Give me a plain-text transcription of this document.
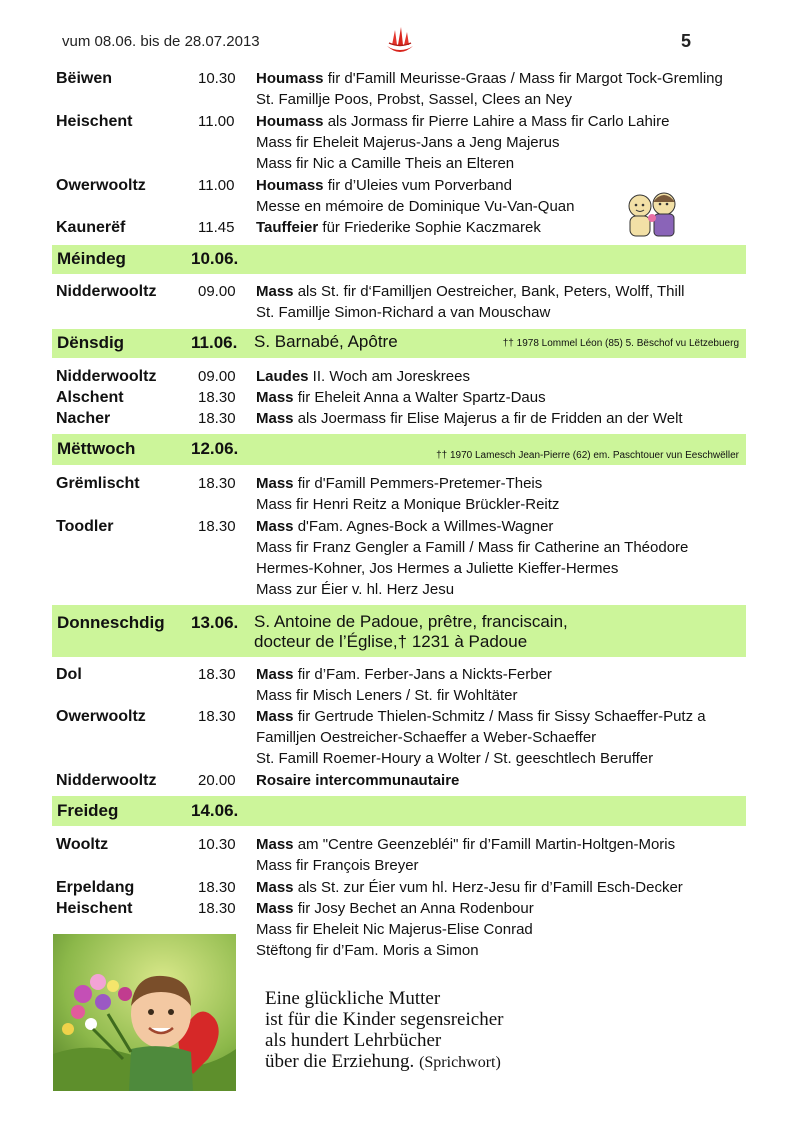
vum 08.06. bis de 28.07.2013	5
Bëiwen	10.30 Houmass fir d'Famill Meurisse-Graas / Mass fir Margot Tock-Gremling
St. Famillje Poos, Probst, Sassel, Clees an Ney
Heischent	11.00 Houmass als Jormass fir Pierre Lahire a Mass fir Carlo Lahire
Mass fir Eheleit Majerus-Jans a Jeng Majerus
Mass fir Nic a Camille Theis an Elteren
Owerwooltz	11.00 Houmass fir d’Uleies vum Porverband
Messe en mémoire de Dominique Vu-Van-Quan
Kaunerëf	11.45 Tauffeier für Friederike Sophie Kaczmarek
Méindeg	10.06.
Nidderwooltz	09.00 Mass als St. fir d‘Familljen Oestreicher, Bank, Peters, Wolff, Thill
St. Famillje Simon-Richard a van Mouschaw
Dënsdig	11.06. S. Barnabé, Apôtre	†† 1978 Lommel Léon (85) 5. Bëschof vu Lëtzebuerg
Nidderwooltz	09.00 Laudes II. Woch am Joreskrees
Alschent	18.30 Mass fir Eheleit Anna a Walter Spartz-Daus
Nacher	18.30 Mass als Joermass fir Elise Majerus a fir de Fridden an der Welt
Mëttwoch	12.06.	†† 1970 Lamesch Jean-Pierre (62) em. Paschtouer vun Eeschwëller
Grëmlischt	18.30 Mass fir d'Famill Pemmers-Pretemer-Theis
Mass fir Henri Reitz a Monique Brückler-Reitz
Toodler	18.30 Mass d'Fam. Agnes-Bock a Willmes-Wagner
Mass fir Franz Gengler a Famill / Mass fir Catherine an Théodore
Hermes-Kohner, Jos Hermes a Juliette Kieffer-Hermes
Mass zur Éier v. hl. Herz Jesu
Donneschdig 13.06. S. Antoine de Padoue, prêtre, franciscain,
docteur de l’Église,† 1231 à Padoue
Dol	18.30 Mass fir d’Fam. Ferber-Jans a Nickts-Ferber
Mass fir Misch Leners / St. fir Wohltäter
Owerwooltz	18.30 Mass fir Gertrude Thielen-Schmitz / Mass fir Sissy Schaeffer-Putz a
Familljen Oestreicher-Schaeffer a Weber-Schaeffer
St. Famill Roemer-Houry a Wolter / St. geeschtlech Beruffer
Nidderwooltz	20.00 Rosaire intercommunautaire
Freideg	14.06.
Wooltz	10.30 Mass am "Centre Geenzebléi" fir d’Famill Martin-Holtgen-Moris
Mass fir François Breyer
Erpeldang	18.30 Mass als St. zur Éier vum hl. Herz-Jesu fir d’Famill Esch-Decker
Heischent	18.30 Mass fir Josy Bechet an Anna Rodenbour
Mass fir Eheleit Nic Majerus-Elise Conrad
Stëftong fir d’Fam. Moris a Simon
Eine glückliche Mutter
ist für die Kinder segensreicher
als hundert Lehrbücher
über die Erziehung. (Sprichwort)
